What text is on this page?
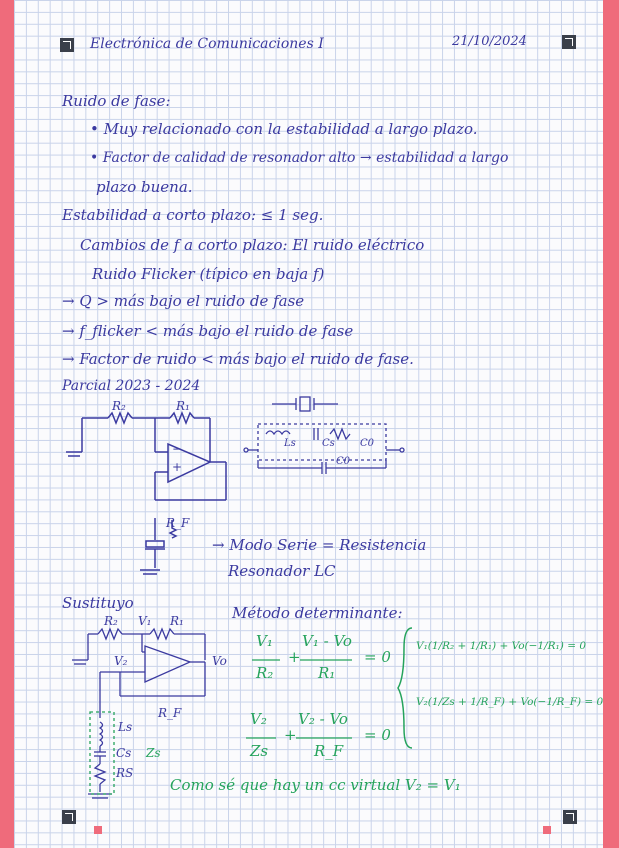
Electrónica de Comunicaciones I	21/10/2024
Ruido de fase:
• Muy relacionado con la estabilidad a largo plazo.
• Factor de calidad de resonador alto → estabilidad a largo
plazo buena.
Estabilidad a corto plazo: ≤ 1 seg.
Cambios de f a corto plazo: El ruido eléctrico
Ruido Flicker (típico en baja f)
→ Q > más bajo el ruido de fase
→ f_flicker < más bajo el ruido de fase
→ Factor de ruido < más bajo el ruido de fase.
Parcial 2023 - 2024
R₂	R₁
+
−
R_F
Ls	Cs	C0
C0
→ Modo Serie = Resistencia
Resonador LC
Sustituyo
R₂ V₁ R₁
V₂	Vo
R_F
Ls
Cs Zs
RS
Método determinante:
V₁
R₂
+
V₁ - Vo
R₁
= 0
V₂
Zs
+
V₂ - Vo
R_F
= 0
V₁(1/R₂ + 1/R₁) + Vo(−1/R₁) = 0
V₂(1/Zs + 1/R_F) + Vo(−1/R_F) = 0
Como sé que hay un cc virtual V₂ = V₁
